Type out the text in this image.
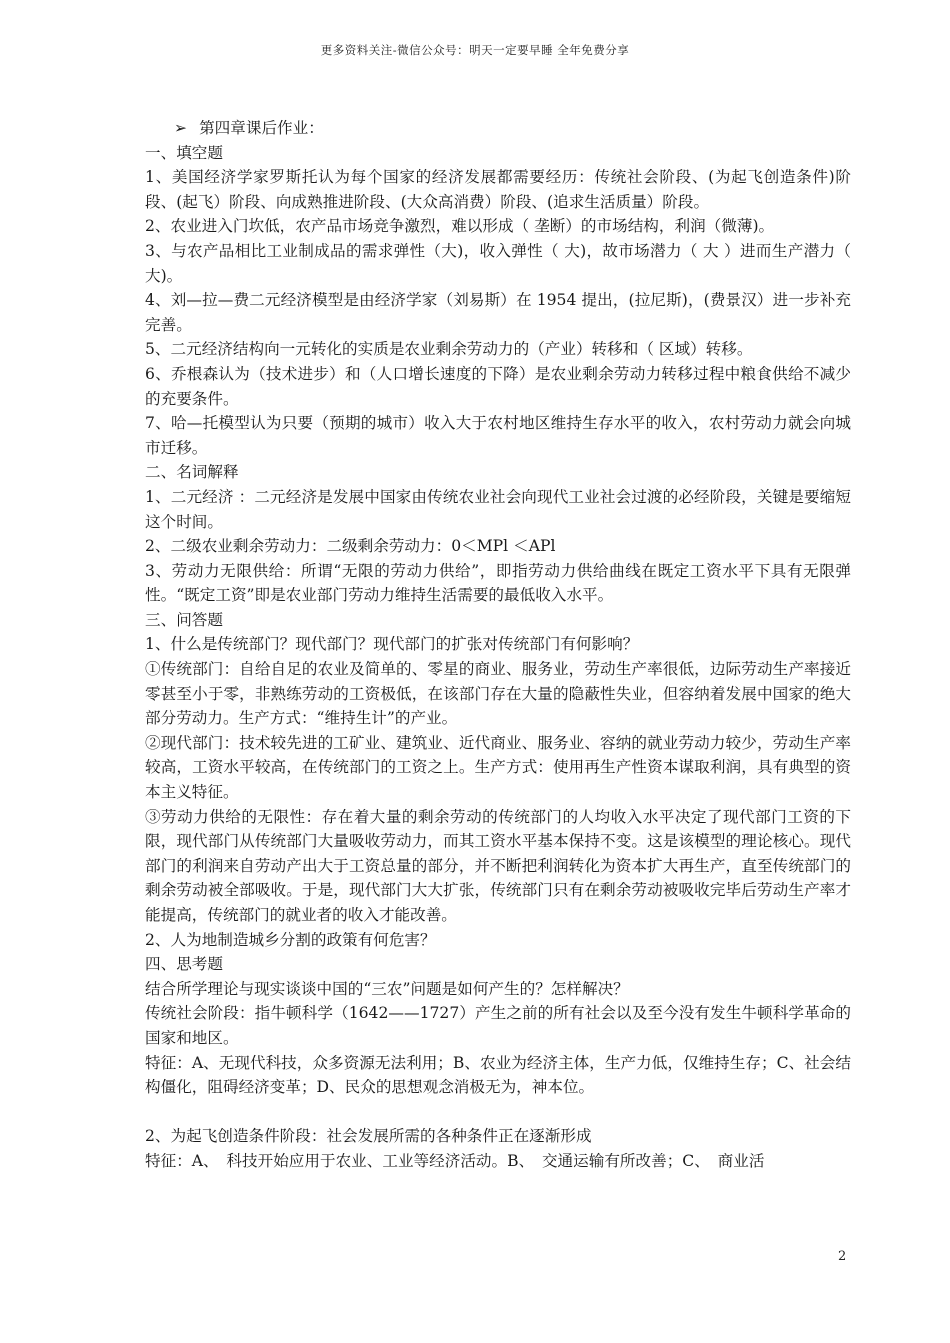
更多资料关注-微信公众号：明天一定要早睡 全年免费分享

➢ 第四章课后作业：

一、填空题

1、美国经济学家罗斯托认为每个国家的经济发展都需要经历：传统社会阶段、(为起飞创造条件)阶段、(起飞）阶段、向成熟推进阶段、(大众高消费）阶段、(追求生活质量）阶段。

2、农业进入门坎低，农产品市场竞争激烈，难以形成（ 垄断）的市场结构，利润（微薄)。

3、与农产品相比工业制成品的需求弹性（大)，收入弹性（ 大)，故市场潜力（ 大 ）进而生产潜力（ 大)。

4、刘—拉—费二元经济模型是由经济学家（刘易斯）在 1954 提出，(拉尼斯)，(费景汉）进一步补充完善。

5、二元经济结构向一元转化的实质是农业剩余劳动力的（产业）转移和（ 区域）转移。

6、乔根森认为（技术进步）和（人口增长速度的下降）是农业剩余劳动力转移过程中粮食供给不减少的充要条件。

7、哈—托模型认为只要（预期的城市）收入大于农村地区维持生存水平的收入，农村劳动力就会向城市迁移。

二、名词解释

1、二元经济 ：二元经济是发展中国家由传统农业社会向现代工业社会过渡的必经阶段，关键是要缩短这个时间。

2、二级农业剩余劳动力：二级剩余劳动力：0＜MPl ＜APl

3、劳动力无限供给：所谓“无限的劳动力供给”，即指劳动力供给曲线在既定工资水平下具有无限弹性。“既定工资”即是农业部门劳动力维持生活需要的最低收入水平。

三、问答题

1、什么是传统部门？现代部门？现代部门的扩张对传统部门有何影响？

①传统部门：自给自足的农业及简单的、零星的商业、服务业，劳动生产率很低，边际劳动生产率接近零甚至小于零，非熟练劳动的工资极低，在该部门存在大量的隐蔽性失业，但容纳着发展中国家的绝大部分劳动力。生产方式：“维持生计”的产业。

②现代部门：技术较先进的工矿业、建筑业、近代商业、服务业、容纳的就业劳动力较少，劳动生产率较高，工资水平较高，在传统部门的工资之上。生产方式：使用再生产性资本谋取利润，具有典型的资本主义特征。

③劳动力供给的无限性：存在着大量的剩余劳动的传统部门的人均收入水平决定了现代部门工资的下限，现代部门从传统部门大量吸收劳动力，而其工资水平基本保持不变。这是该模型的理论核心。现代部门的利润来自劳动产出大于工资总量的部分，并不断把利润转化为资本扩大再生产，直至传统部门的剩余劳动被全部吸收。于是，现代部门大大扩张，传统部门只有在剩余劳动被吸收完毕后劳动生产率才能提高，传统部门的就业者的收入才能改善。

2、人为地制造城乡分割的政策有何危害？

四、思考题

结合所学理论与现实谈谈中国的“三农”问题是如何产生的？怎样解决？

传统社会阶段：指牛顿科学（1642——1727）产生之前的所有社会以及至今没有发生牛顿科学革命的国家和地区。

特征：A、无现代科技，众多资源无法利用；B、农业为经济主体，生产力低，仅维持生存；C、社会结构僵化，阻碍经济变革；D、民众的思想观念消极无为，神本位。

2、为起飞创造条件阶段：社会发展所需的各种条件正在逐渐形成

特征：A、　科技开始应用于农业、工业等经济活动。B、　交通运输有所改善；C、　商业活

2
